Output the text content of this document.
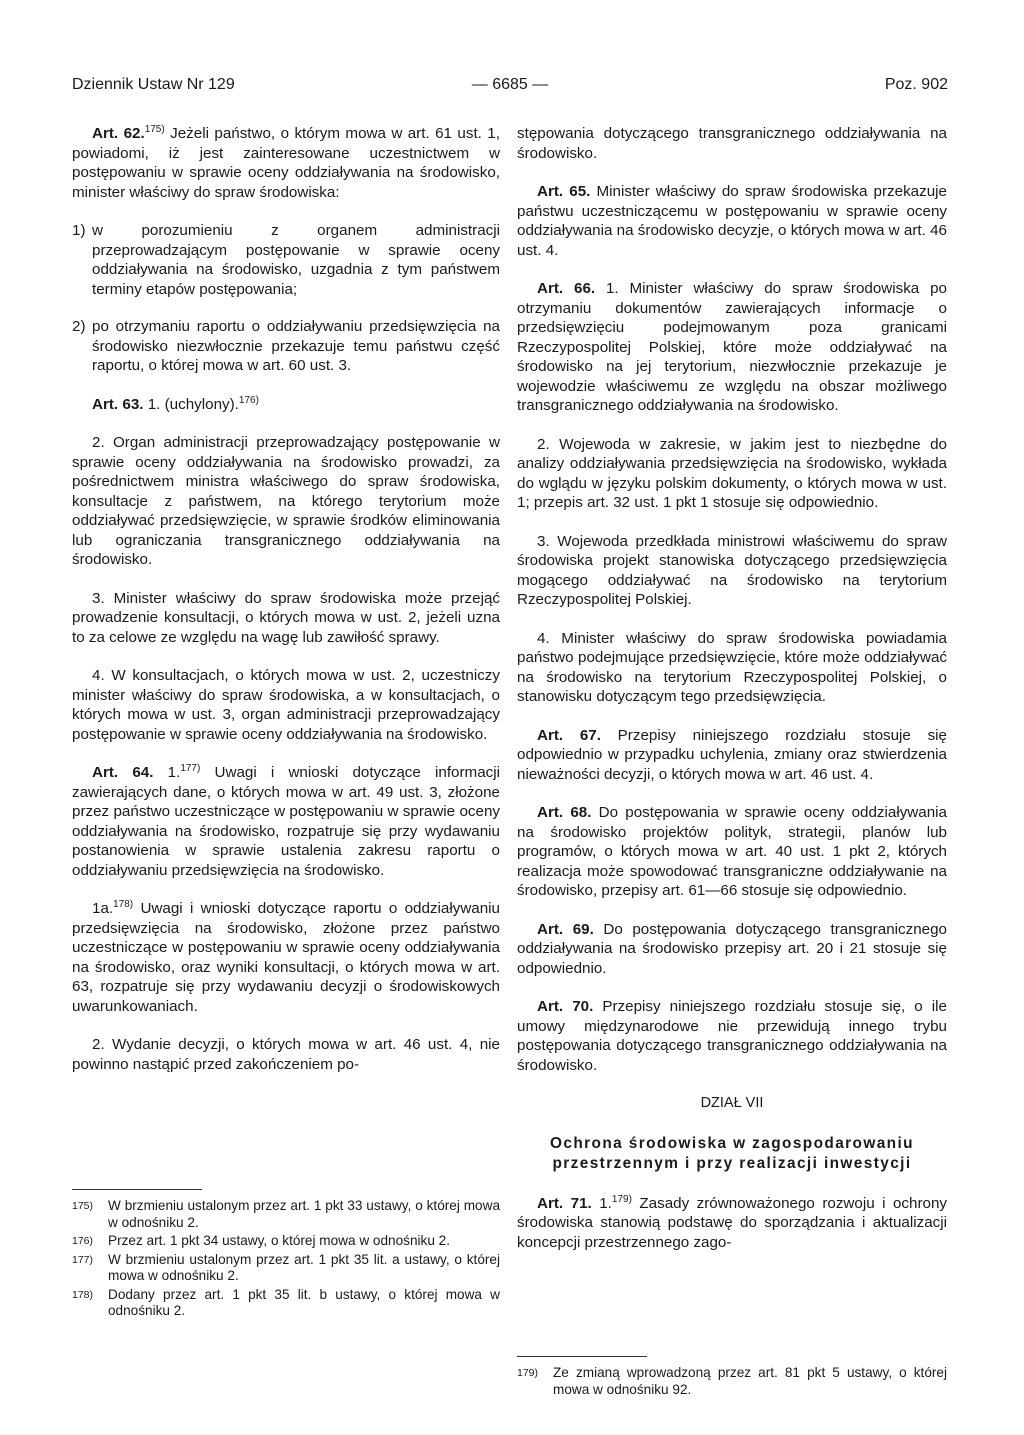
Dziennik Ustaw Nr 129	— 6685 —	Poz. 902

Art. 62.$^{175)}$ Jeżeli państwo, o którym mowa w art. 61 ust. 1, powiadomi, iż jest zainteresowane uczestnictwem w postępowaniu w sprawie oceny oddziaływania na środowisko, minister właściwy do spraw środowiska:

1) w porozumieniu z organem administracji przeprowadzającym postępowanie w sprawie oceny oddziaływania na środowisko, uzgadnia z tym państwem terminy etapów postępowania;
2) po otrzymaniu raportu o oddziaływaniu przedsięwzięcia na środowisko niezwłocznie przekazuje temu państwu część raportu, o której mowa w art. 60 ust. 3.

Art. 63. 1. (uchylony).$^{176)}$

2. Organ administracji przeprowadzający postępowanie w sprawie oceny oddziaływania na środowisko prowadzi, za pośrednictwem ministra właściwego do spraw środowiska, konsultacje z państwem, na którego terytorium może oddziaływać przedsięwzięcie, w sprawie środków eliminowania lub ograniczania transgranicznego oddziaływania na środowisko.

3. Minister właściwy do spraw środowiska może przejąć prowadzenie konsultacji, o których mowa w ust. 2, jeżeli uzna to za celowe ze względu na wagę lub zawiłość sprawy.

4. W konsultacjach, o których mowa w ust. 2, uczestniczy minister właściwy do spraw środowiska, a w konsultacjach, o których mowa w ust. 3, organ administracji przeprowadzający postępowanie w sprawie oceny oddziaływania na środowisko.

Art. 64. 1.$^{177)}$ Uwagi i wnioski dotyczące informacji zawierających dane, o których mowa w art. 49 ust. 3, złożone przez państwo uczestniczące w postępowaniu w sprawie oceny oddziaływania na środowisko, rozpatruje się przy wydawaniu postanowienia w sprawie ustalenia zakresu raportu o oddziaływaniu przedsięwzięcia na środowisko.

1a.$^{178)}$ Uwagi i wnioski dotyczące raportu o oddziaływaniu przedsięwzięcia na środowisko, złożone przez państwo uczestniczące w postępowaniu w sprawie oceny oddziaływania na środowisko, oraz wyniki konsultacji, o których mowa w art. 63, rozpatruje się przy wydawaniu decyzji o środowiskowych uwarunkowaniach.

2. Wydanie decyzji, o których mowa w art. 46 ust. 4, nie powinno nastąpić przed zakończeniem po-

175) W brzmieniu ustalonym przez art. 1 pkt 33 ustawy, o której mowa w odnośniku 2.
176) Przez art. 1 pkt 34 ustawy, o której mowa w odnośniku 2.
177) W brzmieniu ustalonym przez art. 1 pkt 35 lit. a ustawy, o której mowa w odnośniku 2.
178) Dodany przez art. 1 pkt 35 lit. b ustawy, o której mowa w odnośniku 2.

stępowania dotyczącego transgranicznego oddziaływania na środowisko.

Art. 65. Minister właściwy do spraw środowiska przekazuje państwu uczestniczącemu w postępowaniu w sprawie oceny oddziaływania na środowisko decyzje, o których mowa w art. 46 ust. 4.

Art. 66. 1. Minister właściwy do spraw środowiska po otrzymaniu dokumentów zawierających informacje o przedsięwzięciu podejmowanym poza granicami Rzeczypospolitej Polskiej, które może oddziaływać na środowisko na jej terytorium, niezwłocznie przekazuje je wojewodzie właściwemu ze względu na obszar możliwego transgranicznego oddziaływania na środowisko.

2. Wojewoda w zakresie, w jakim jest to niezbędne do analizy oddziaływania przedsięwzięcia na środowisko, wykłada do wglądu w języku polskim dokumenty, o których mowa w ust. 1; przepis art. 32 ust. 1 pkt 1 stosuje się odpowiednio.

3. Wojewoda przedkłada ministrowi właściwemu do spraw środowiska projekt stanowiska dotyczącego przedsięwzięcia mogącego oddziaływać na środowisko na terytorium Rzeczypospolitej Polskiej.

4. Minister właściwy do spraw środowiska powiadamia państwo podejmujące przedsięwzięcie, które może oddziaływać na środowisko na terytorium Rzeczypospolitej Polskiej, o stanowisku dotyczącym tego przedsięwzięcia.

Art. 67. Przepisy niniejszego rozdziału stosuje się odpowiednio w przypadku uchylenia, zmiany oraz stwierdzenia nieważności decyzji, o których mowa w art. 46 ust. 4.

Art. 68. Do postępowania w sprawie oceny oddziaływania na środowisko projektów polityk, strategii, planów lub programów, o których mowa w art. 40 ust. 1 pkt 2, których realizacja może spowodować transgraniczne oddziaływanie na środowisko, przepisy art. 61—66 stosuje się odpowiednio.

Art. 69. Do postępowania dotyczącego transgranicznego oddziaływania na środowisko przepisy art. 20 i 21 stosuje się odpowiednio.

Art. 70. Przepisy niniejszego rozdziału stosuje się, o ile umowy międzynarodowe nie przewidują innego trybu postępowania dotyczącego transgranicznego oddziaływania na środowisko.

DZIAŁ VII
Ochrona środowiska w zagospodarowaniu przestrzennym i przy realizacji inwestycji

Art. 71. 1.$^{179)}$ Zasady zrównoważonego rozwoju i ochrony środowiska stanowią podstawę do sporządzania i aktualizacji koncepcji przestrzennego zago-

179) Ze zmianą wprowadzoną przez art. 81 pkt 5 ustawy, o której mowa w odnośniku 92.
